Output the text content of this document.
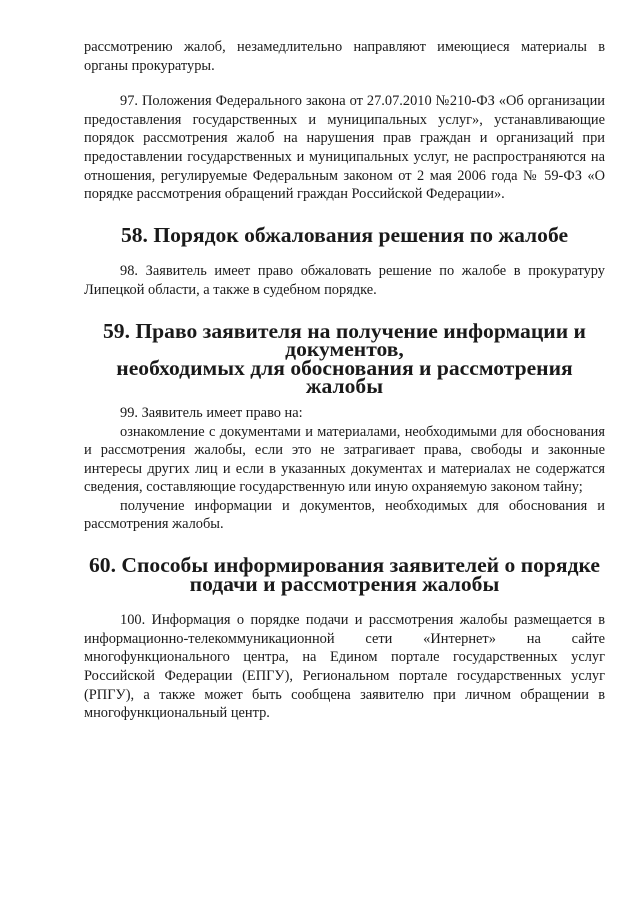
рассмотрению жалоб, незамедлительно направляют имеющиеся материалы в органы прокуратуры.

97. Положения Федерального закона от 27.07.2010 №210-ФЗ «Об организации предоставления государственных и муниципальных услуг», устанавливающие порядок рассмотрения жалоб на нарушения прав граждан и организаций при предоставлении государственных и муниципальных услуг, не распространяются на отношения, регулируемые Федеральным законом от 2 мая 2006 года № 59-ФЗ «О порядке рассмотрения обращений граждан Российской Федерации».

58. Порядок обжалования решения по жалобе

98. Заявитель имеет право обжаловать решение по жалобе в прокуратуру Липецкой области, а также в судебном порядке.

59. Право заявителя на получение информации и документов,
необходимых для обоснования и рассмотрения жалобы

99. Заявитель имеет право на:

ознакомление с документами и материалами, необходимыми для обоснования и рассмотрения жалобы, если это не затрагивает права, свободы и законные интересы других лиц и если в указанных документах и материалах не содержатся сведения, составляющие государственную или иную охраняемую законом тайну;

получение информации и документов, необходимых для обоснования и рассмотрения жалобы.

60. Способы информирования заявителей о порядке
подачи и рассмотрения жалобы

100. Информация о порядке подачи и рассмотрения жалобы размещается в информационно-телекоммуникационной сети «Интернет» на сайте многофункционального центра, на Едином портале государственных услуг Российской Федерации (ЕПГУ), Региональном портале государственных услуг (РПГУ), а также может быть сообщена заявителю при личном обращении в многофункциональный центр.
